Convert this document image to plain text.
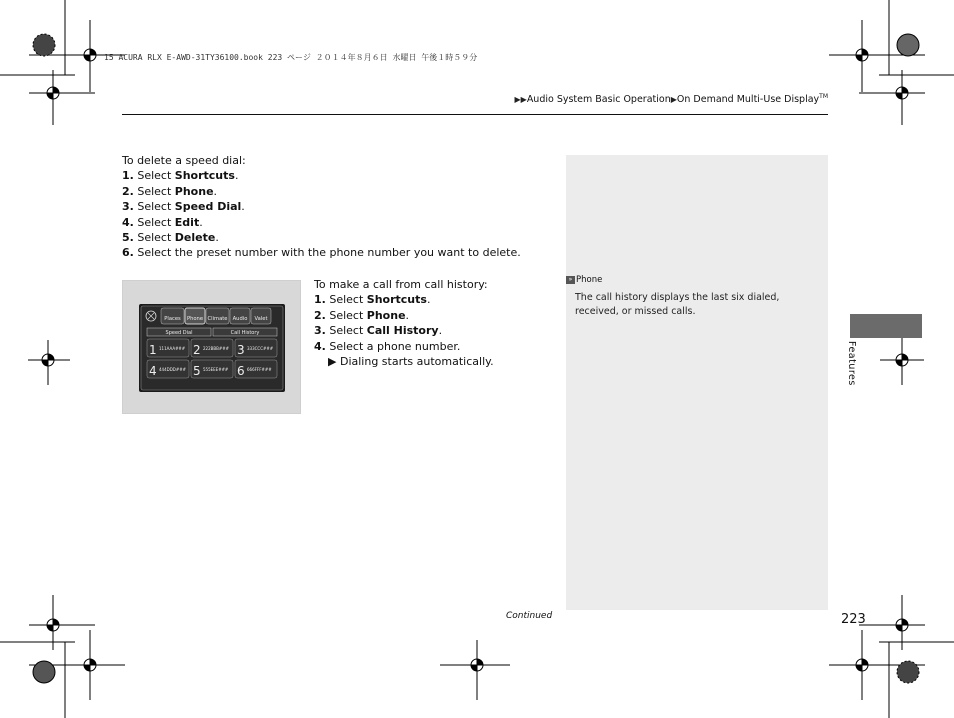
15 ACURA RLX E-AWD-31TY36100.book 223 ページ ２０１４年８月６日 水曜日 午後１時５９分
▶▶Audio System Basic Operation▶On Demand Multi-Use Display™
To delete a speed dial:
1. Select Shortcuts.
2. Select Phone.
3. Select Speed Dial.
4. Select Edit.
5. Select Delete.
6. Select the preset number with the phone number you want to delete.
Places Phone Climate Audio Valet
Speed Dial	Call History
1 111AAA### 2 222BBB### 3 333CCC###
4 444DDD### 5 555EEE### 6 666FFF###
To make a call from call history:
1. Select Shortcuts.
2. Select Phone.
3. Select Call History.
4. Select a phone number.
▶ Dialing starts automatically.
» Phone
The call history displays the last six dialed, received, or missed calls.
Features
Continued	223
